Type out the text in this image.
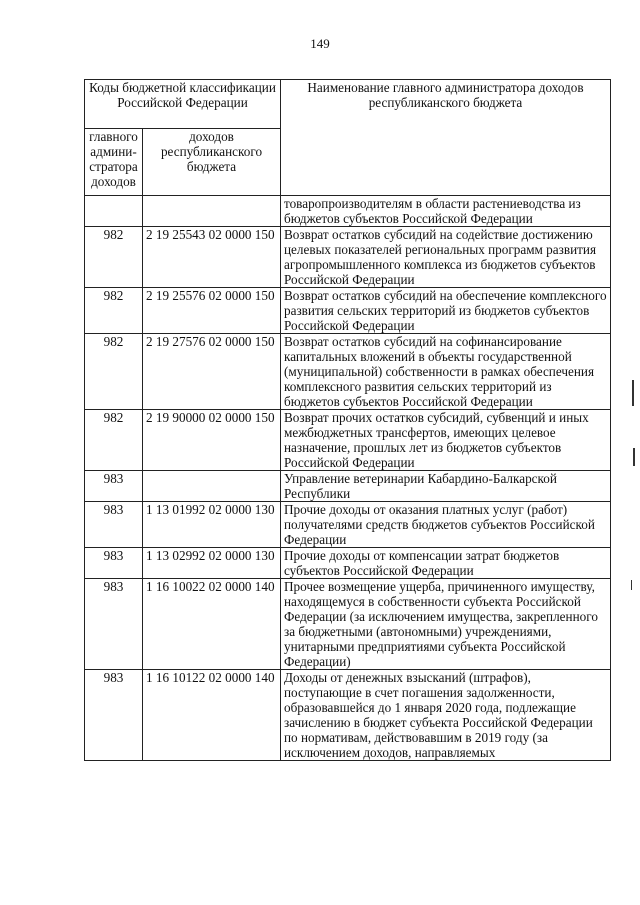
149
Коды бюджетной классификации Российской Федерации		Наименование главного администратора доходов республиканского бюджета
главного админи-стратора доходов	доходов республиканского бюджета	
		товаропроизводителям в области растениеводства из бюджетов субъектов Российской Федерации
982	2 19 25543 02 0000 150	Возврат остатков субсидий на содействие достижению целевых показателей региональных программ развития агропромышленного комплекса из бюджетов субъектов Российской Федерации
982	2 19 25576 02 0000 150	Возврат остатков субсидий на обеспечение комплексного развития сельских территорий из бюджетов субъектов Российской Федерации
982	2 19 27576 02 0000 150	Возврат остатков субсидий на софинансирование капитальных вложений в объекты государственной (муниципальной) собственности в рамках обеспечения комплексного развития сельских территорий из бюджетов субъектов Российской Федерации
982	2 19 90000 02 0000 150	Возврат прочих остатков субсидий, субвенций и иных межбюджетных трансфертов, имеющих целевое назначение, прошлых лет из бюджетов субъектов Российской Федерации
983		Управление ветеринарии Кабардино-Балкарской Республики
983	1 13 01992 02 0000 130	Прочие доходы от оказания платных услуг (работ) получателями средств бюджетов субъектов Российской Федерации
983	1 13 02992 02 0000 130	Прочие доходы от компенсации затрат бюджетов субъектов Российской Федерации
983	1 16 10022 02 0000 140	Прочее возмещение ущерба, причиненного имуществу, находящемуся в собственности субъекта Российской Федерации (за исключением имущества, закрепленного за бюджетными (автономными) учреждениями, унитарными предприятиями субъекта Российской Федерации)
983	1 16 10122 02 0000 140	Доходы от денежных взысканий (штрафов), поступающие в счет погашения задолженности, образовавшейся до 1 января 2020 года, подлежащие зачислению в бюджет субъекта Российской Федерации по нормативам, действовавшим в 2019 году (за исключением доходов, направляемых
